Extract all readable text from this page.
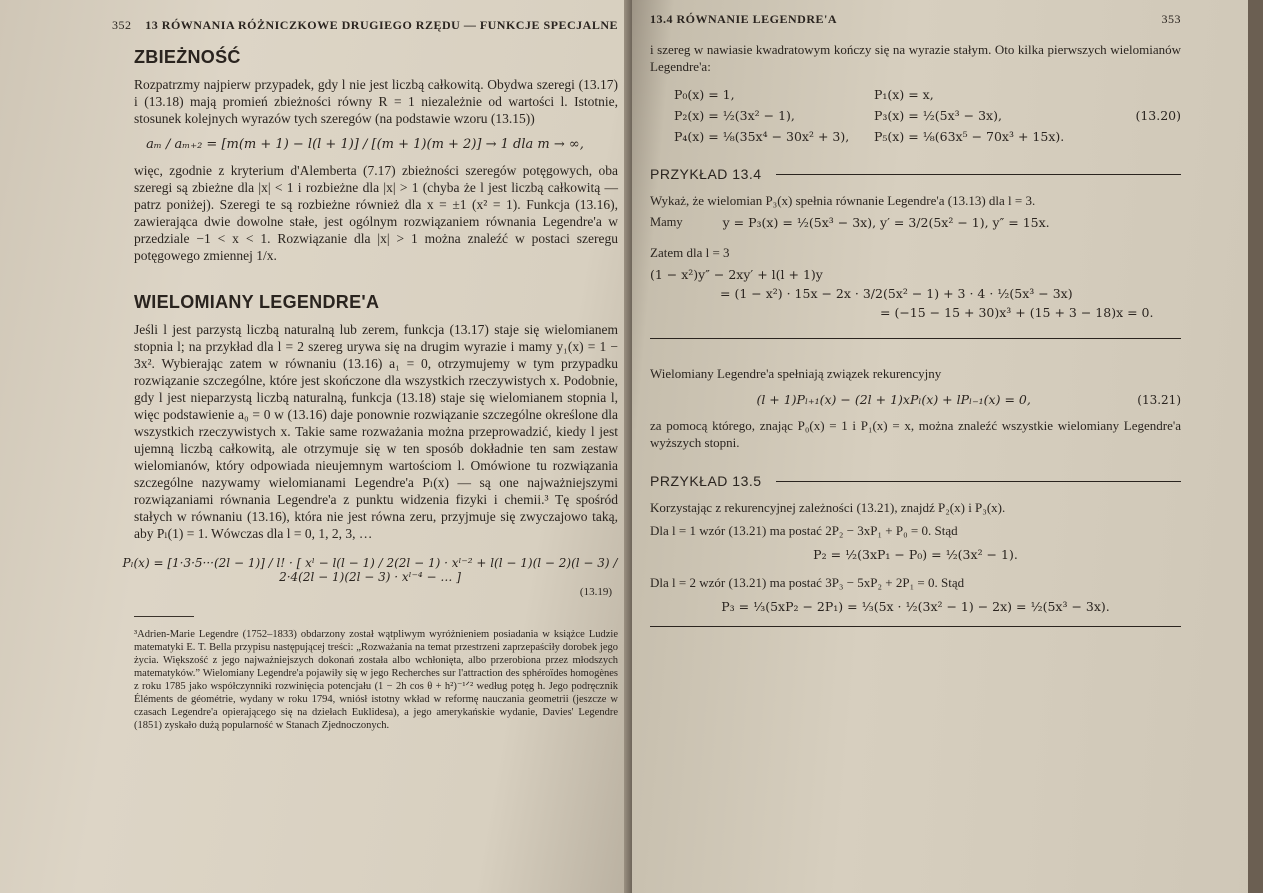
352 13 RÓWNANIA RÓŻNICZKOWE DRUGIEGO RZĘDU — FUNKCJE SPECJALNE
ZBIEŻNOŚĆ

Rozpatrzmy najpierw przypadek, gdy l nie jest liczbą całkowitą. Obydwa szeregi (13.17) i (13.18) mają promień zbieżności równy R = 1 niezależnie od wartości l. Istotnie, stosunek kolejnych wyrazów tych szeregów (na podstawie wzoru (13.15))

aₘ / aₘ₊₂ = [m(m + 1) − l(l + 1)] / [(m + 1)(m + 2)] → 1 dla m → ∞,

więc, zgodnie z kryterium d'Alemberta (7.17) zbieżności szeregów potęgowych, oba szeregi są zbieżne dla |x| < 1 i rozbieżne dla |x| > 1 (chyba że l jest liczbą całkowitą — patrz poniżej). Szeregi te są rozbieżne również dla x = ±1 (x² = 1). Funkcja (13.16), zawierająca dwie dowolne stałe, jest ogólnym rozwiązaniem równania Legendre'a w przedziale −1 < x < 1. Rozwiązanie dla |x| > 1 można znaleźć w postaci szeregu potęgowego zmiennej 1/x.

WIELOMIANY LEGENDRE'A

Jeśli l jest parzystą liczbą naturalną lub zerem, funkcja (13.17) staje się wielomianem stopnia l; na przykład dla l = 2 szereg urywa się na drugim wyrazie i mamy y₁(x) = 1 − 3x². Wybierając zatem w równaniu (13.16) a₁ = 0, otrzymujemy w tym przypadku rozwiązanie szczególne, które jest skończone dla wszystkich rzeczywistych x. Podobnie, gdy l jest nieparzystą liczbą naturalną, funkcja (13.18) staje się wielomianem stopnia l, więc podstawienie a₀ = 0 w (13.16) daje ponownie rozwiązanie szczególne określone dla wszystkich rzeczywistych x. Takie same rozważania można przeprowadzić, kiedy l jest ujemną liczbą całkowitą, ale otrzymuje się w ten sposób dokładnie ten sam zestaw wielomianów, który odpowiada nieujemnym wartościom l. Omówione tu rozwiązania szczególne nazywamy wielomianami Legendre'a Pₗ(x) — są one najważniejszymi rozwiązaniami równania Legendre'a z punktu widzenia fizyki i chemii.³ Tę spośród stałych w równaniu (13.16), która nie jest równa zeru, przyjmuje się zwyczajowo taką, aby Pₗ(1) = 1. Wówczas dla l = 0, 1, 2, 3, …

Pₗ(x) = [1·3·5···(2l − 1)] / l! · [ xˡ − l(l − 1) / 2(2l − 1) · xˡ⁻² + l(l − 1)(l − 2)(l − 3) / 2·4(2l − 1)(2l − 3) · xˡ⁻⁴ − … ]
(13.19)

³Adrien-Marie Legendre (1752–1833) obdarzony został wątpliwym wyróżnieniem posiadania w książce Ludzie matematyki E. T. Bella przypisu następującej treści: „Rozważania na temat przestrzeni zaprzepaściły dorobek jego życia. Większość z jego najważniejszych dokonań została albo wchłonięta, albo przerobiona przez młodszych matematyków.” Wielomiany Legendre'a pojawiły się w jego Recherches sur l'attraction des sphéroïdes homogènes z roku 1785 jako współczynniki rozwinięcia potencjału (1 − 2h cos θ + h²)⁻¹ᐟ² według potęg h. Jego podręcznik Éléments de géométrie, wydany w roku 1794, wniósł istotny wkład w reformę nauczania geometrii (jeszcze w czasach Legendre'a opierającego się na dziełach Euklidesa), a jego amerykańskie wydanie, Davies' Legendre (1851) zyskało dużą popularność w Stanach Zjednoczonych.

13.4 RÓWNANIE LEGENDRE'A	353

i szereg w nawiasie kwadratowym kończy się na wyrazie stałym. Oto kilka pierwszych wielomianów Legendre'a:

P₀(x) = 1,	P₁(x) = x,
P₂(x) = ½(3x² − 1),	P₃(x) = ½(5x³ − 3x),	(13.20)
P₄(x) = ⅛(35x⁴ − 30x² + 3),	P₅(x) = ⅛(63x⁵ − 70x³ + 15x).
PRZYKŁAD 13.4

Wykaż, że wielomian P₃(x) spełnia równanie Legendre'a (13.13) dla l = 3.

Mamy	y = P₃(x) = ½(5x³ − 3x), y′ = 3/2(5x² − 1), y″ = 15x.

Zatem dla l = 3

(1 − x²)y″ − 2xy′ + l(l + 1)y
= (1 − x²) · 15x − 2x · 3/2(5x² − 1) + 3 · 4 · ½(5x³ − 3x)
= (−15 − 15 + 30)x³ + (15 + 3 − 18)x = 0.

Wielomiany Legendre'a spełniają związek rekurencyjny

(l + 1)Pₗ₊₁(x) − (2l + 1)xPₗ(x) + lPₗ₋₁(x) = 0,	(13.21)

za pomocą którego, znając P₀(x) = 1 i P₁(x) = x, można znaleźć wszystkie wielomiany Legendre'a wyższych stopni.

PRZYKŁAD 13.5

Korzystając z rekurencyjnej zależności (13.21), znajdź P₂(x) i P₃(x).

Dla l = 1 wzór (13.21) ma postać 2P₂ − 3xP₁ + P₀ = 0. Stąd

P₂ = ½(3xP₁ − P₀) = ½(3x² − 1).

Dla l = 2 wzór (13.21) ma postać 3P₃ − 5xP₂ + 2P₁ = 0. Stąd

P₃ = ⅓(5xP₂ − 2P₁) = ⅓(5x · ½(3x² − 1) − 2x) = ½(5x³ − 3x).
